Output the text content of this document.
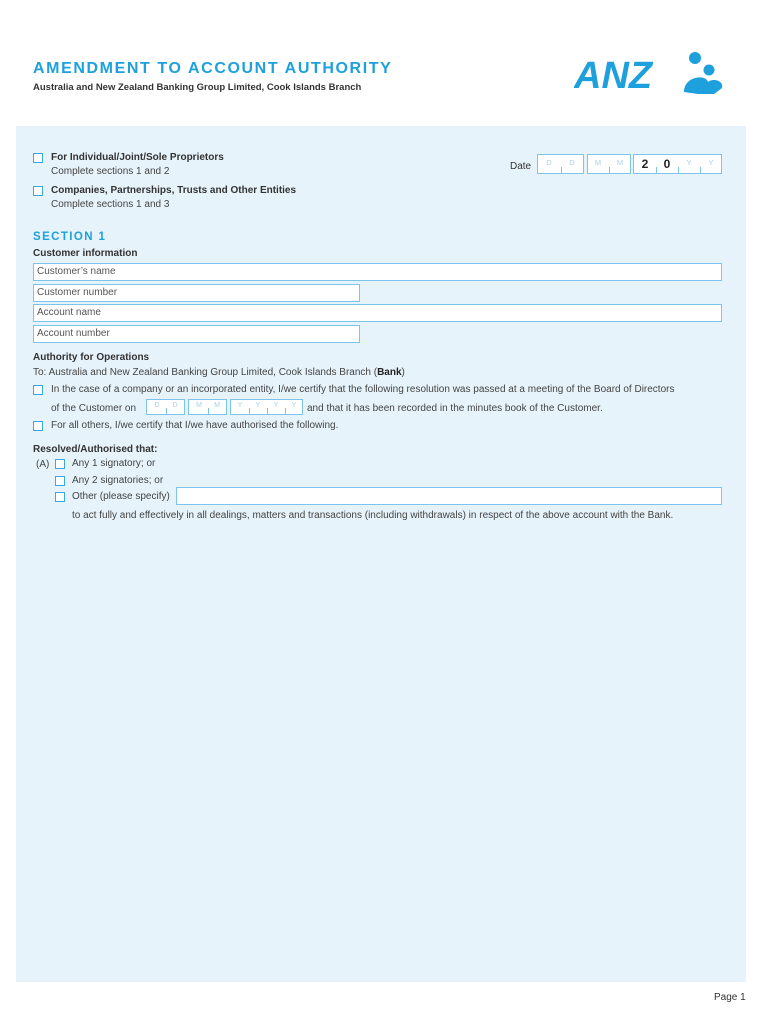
AMENDMENT TO ACCOUNT AUTHORITY
Australia and New Zealand Banking Group Limited, Cook Islands Branch	ANZ
For Individual/Joint/Sole Proprietors
Complete sections 1 and 2
Companies, Partnerships, Trusts and Other Entities
Complete sections 1 and 3
Date	D	D	M	M	2	0	Y	Y
SECTION 1
Customer information
Customer’s name
Customer number
Account name
Account number
Authority for Operations
To: Australia and New Zealand Banking Group Limited, Cook Islands Branch (Bank)
In the case of a company or an incorporated entity, I/we certify that the following resolution was passed at a meeting of the Board of Directors
of the Customer on	D	D	M	M	Y	Y	Y	Y	and that it has been recorded in the minutes book of the Customer.
For all others, I/we certify that I/we have authorised the following.
Resolved/Authorised that:
(A) Any 1 signatory; or
Any 2 signatories; or
Other (please specify)
to act fully and effectively in all dealings, matters and transactions (including withdrawals) in respect of the above account with the Bank.
Page 1
